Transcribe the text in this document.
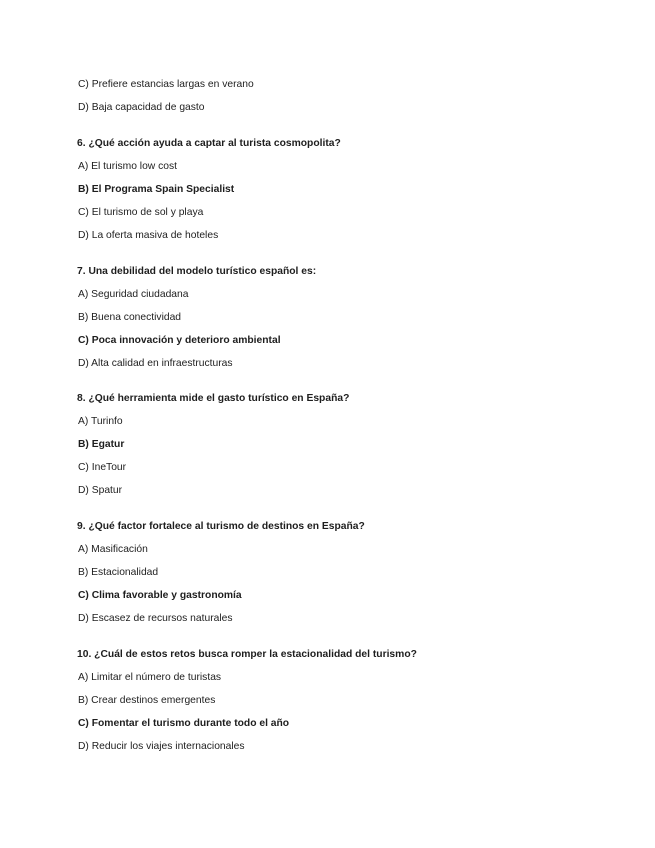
C) Prefiere estancias largas en verano
D) Baja capacidad de gasto
6. ¿Qué acción ayuda a captar al turista cosmopolita?
A) El turismo low cost
B) El Programa Spain Specialist
C) El turismo de sol y playa
D) La oferta masiva de hoteles
7. Una debilidad del modelo turístico español es:
A) Seguridad ciudadana
B) Buena conectividad
C) Poca innovación y deterioro ambiental
D) Alta calidad en infraestructuras
8. ¿Qué herramienta mide el gasto turístico en España?
A) Turinfo
B) Egatur
C) IneTour
D) Spatur
9. ¿Qué factor fortalece al turismo de destinos en España?
A) Masificación
B) Estacionalidad
C) Clima favorable y gastronomía
D) Escasez de recursos naturales
10. ¿Cuál de estos retos busca romper la estacionalidad del turismo?
A) Limitar el número de turistas
B) Crear destinos emergentes
C) Fomentar el turismo durante todo el año
D) Reducir los viajes internacionales
